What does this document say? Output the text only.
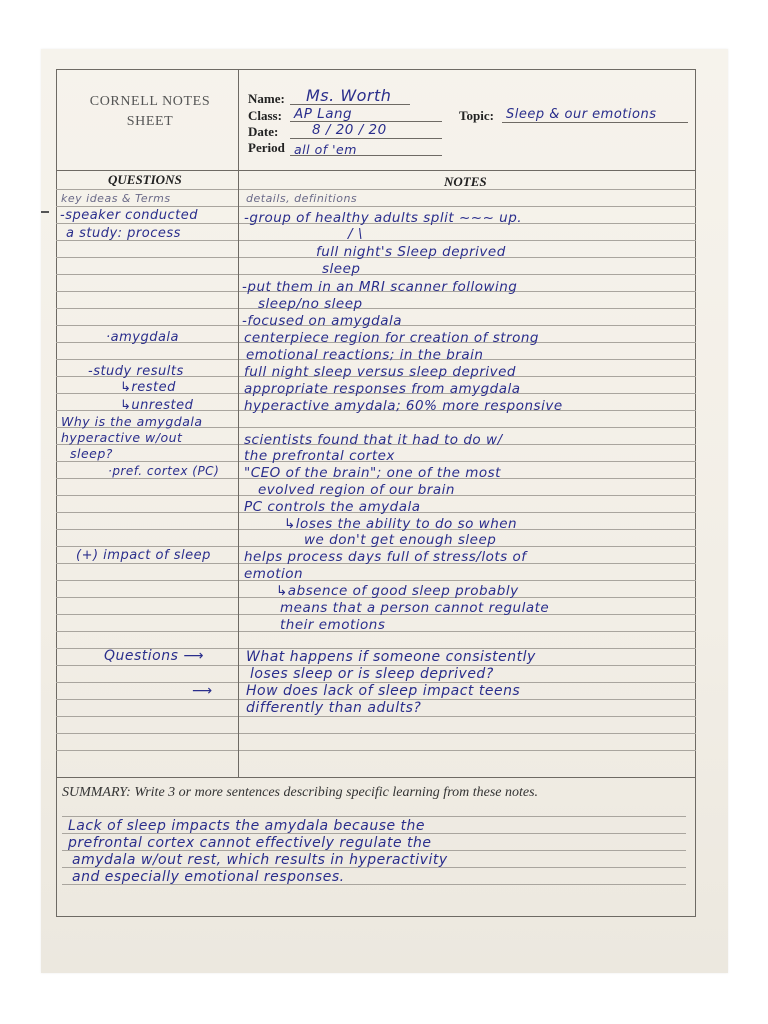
CORNELL NOTES
SHEET
Name: Ms. Worth
Class: AP Lang
Date: 8 / 20 / 20
Period all of 'em
Topic: Sleep & our emotions
QUESTIONS	NOTES
key ideas & Terms	details, definitions
-speaker conducted
a study: process
·amygdala
-study results
↳rested
↳unrested
Why is the amygdala
hyperactive w/out
sleep?
·pref. cortex (PC)
(+) impact of sleep
Questions ⟶
⟶
-group of healthy adults split ~~~ up.
/ \
full night's Sleep deprived
sleep
-put them in an MRI scanner following
sleep/no sleep
-focused on amygdala
centerpiece region for creation of strong
emotional reactions; in the brain
full night sleep versus sleep deprived
appropriate responses from amygdala
hyperactive amydala; 60% more responsive
scientists found that it had to do w/
the prefrontal cortex
"CEO of the brain"; one of the most
evolved region of our brain
PC controls the amydala
↳loses the ability to do so when
we don't get enough sleep
helps process days full of stress/lots of
emotion
↳absence of good sleep probably
means that a person cannot regulate
their emotions
What happens if someone consistently
loses sleep or is sleep deprived?
How does lack of sleep impact teens
differently than adults?
SUMMARY: Write 3 or more sentences describing specific learning from these notes.
Lack of sleep impacts the amydala because the
prefrontal cortex cannot effectively regulate the
amydala w/out rest, which results in hyperactivity
and especially emotional responses.
